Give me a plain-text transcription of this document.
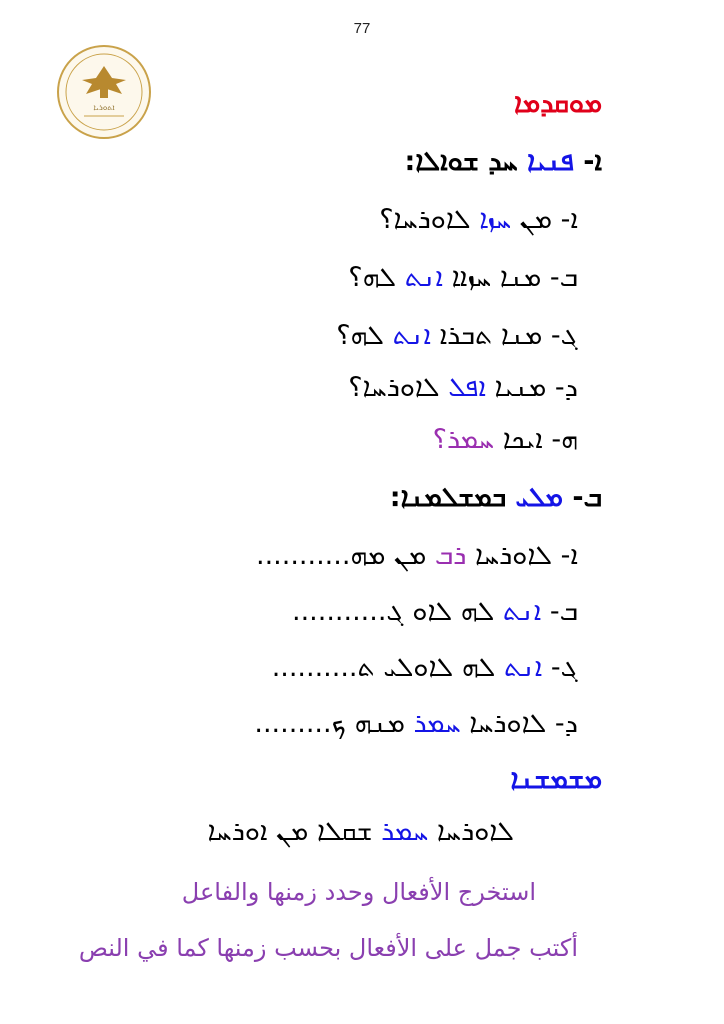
77
ܐܬܘܪܝܐ	ܡܘܩܕܡܐ
ܐ- ܦܢܝܐ ܚܕ ܫܘܐܠܐ:
ܐ- ܡܢ ܚܙܐ ܠܐܘܪܚܐ؟
ܒ- ܡܢܐ ܚܙܐܐ ܐܢܬ ܠܗ؟
ܓ- ܡܢܐ ܬܒܪܐ ܐܢܬ ܠܗ؟
ܕ- ܡܢܝܐ ܐܦܠ ܠܐܘܪܚܐ؟
ܗ- ܐܝܟܐ ܚܡܪ؟
ܒ- ܡܠܝ ܒܡܫܠܡܢܐ:
ܐ- ܠܐܘܪܚܐ ܪܒ ܡܢ ܡܗ...........
ܒ- ܐܢܬ ܠܗ ܠܐܘ ܓ...........
ܓ- ܐܢܬ ܠܗ ܠܐܘܠܝ ܬ..........
ܕ- ܠܐܘܪܚܐ ܚܡܪ ܡܢܗ ܟ.........
ܡܫܡܫܢܐ
ܠܐܘܪܚܐ ܚܡܪ ܫܩܠܐ ܡܢ ܐܘܪܚܐ
استخرج الأفعال وحدد زمنها والفاعل
أكتب جمل على الأفعال بحسب زمنها كما في النص
